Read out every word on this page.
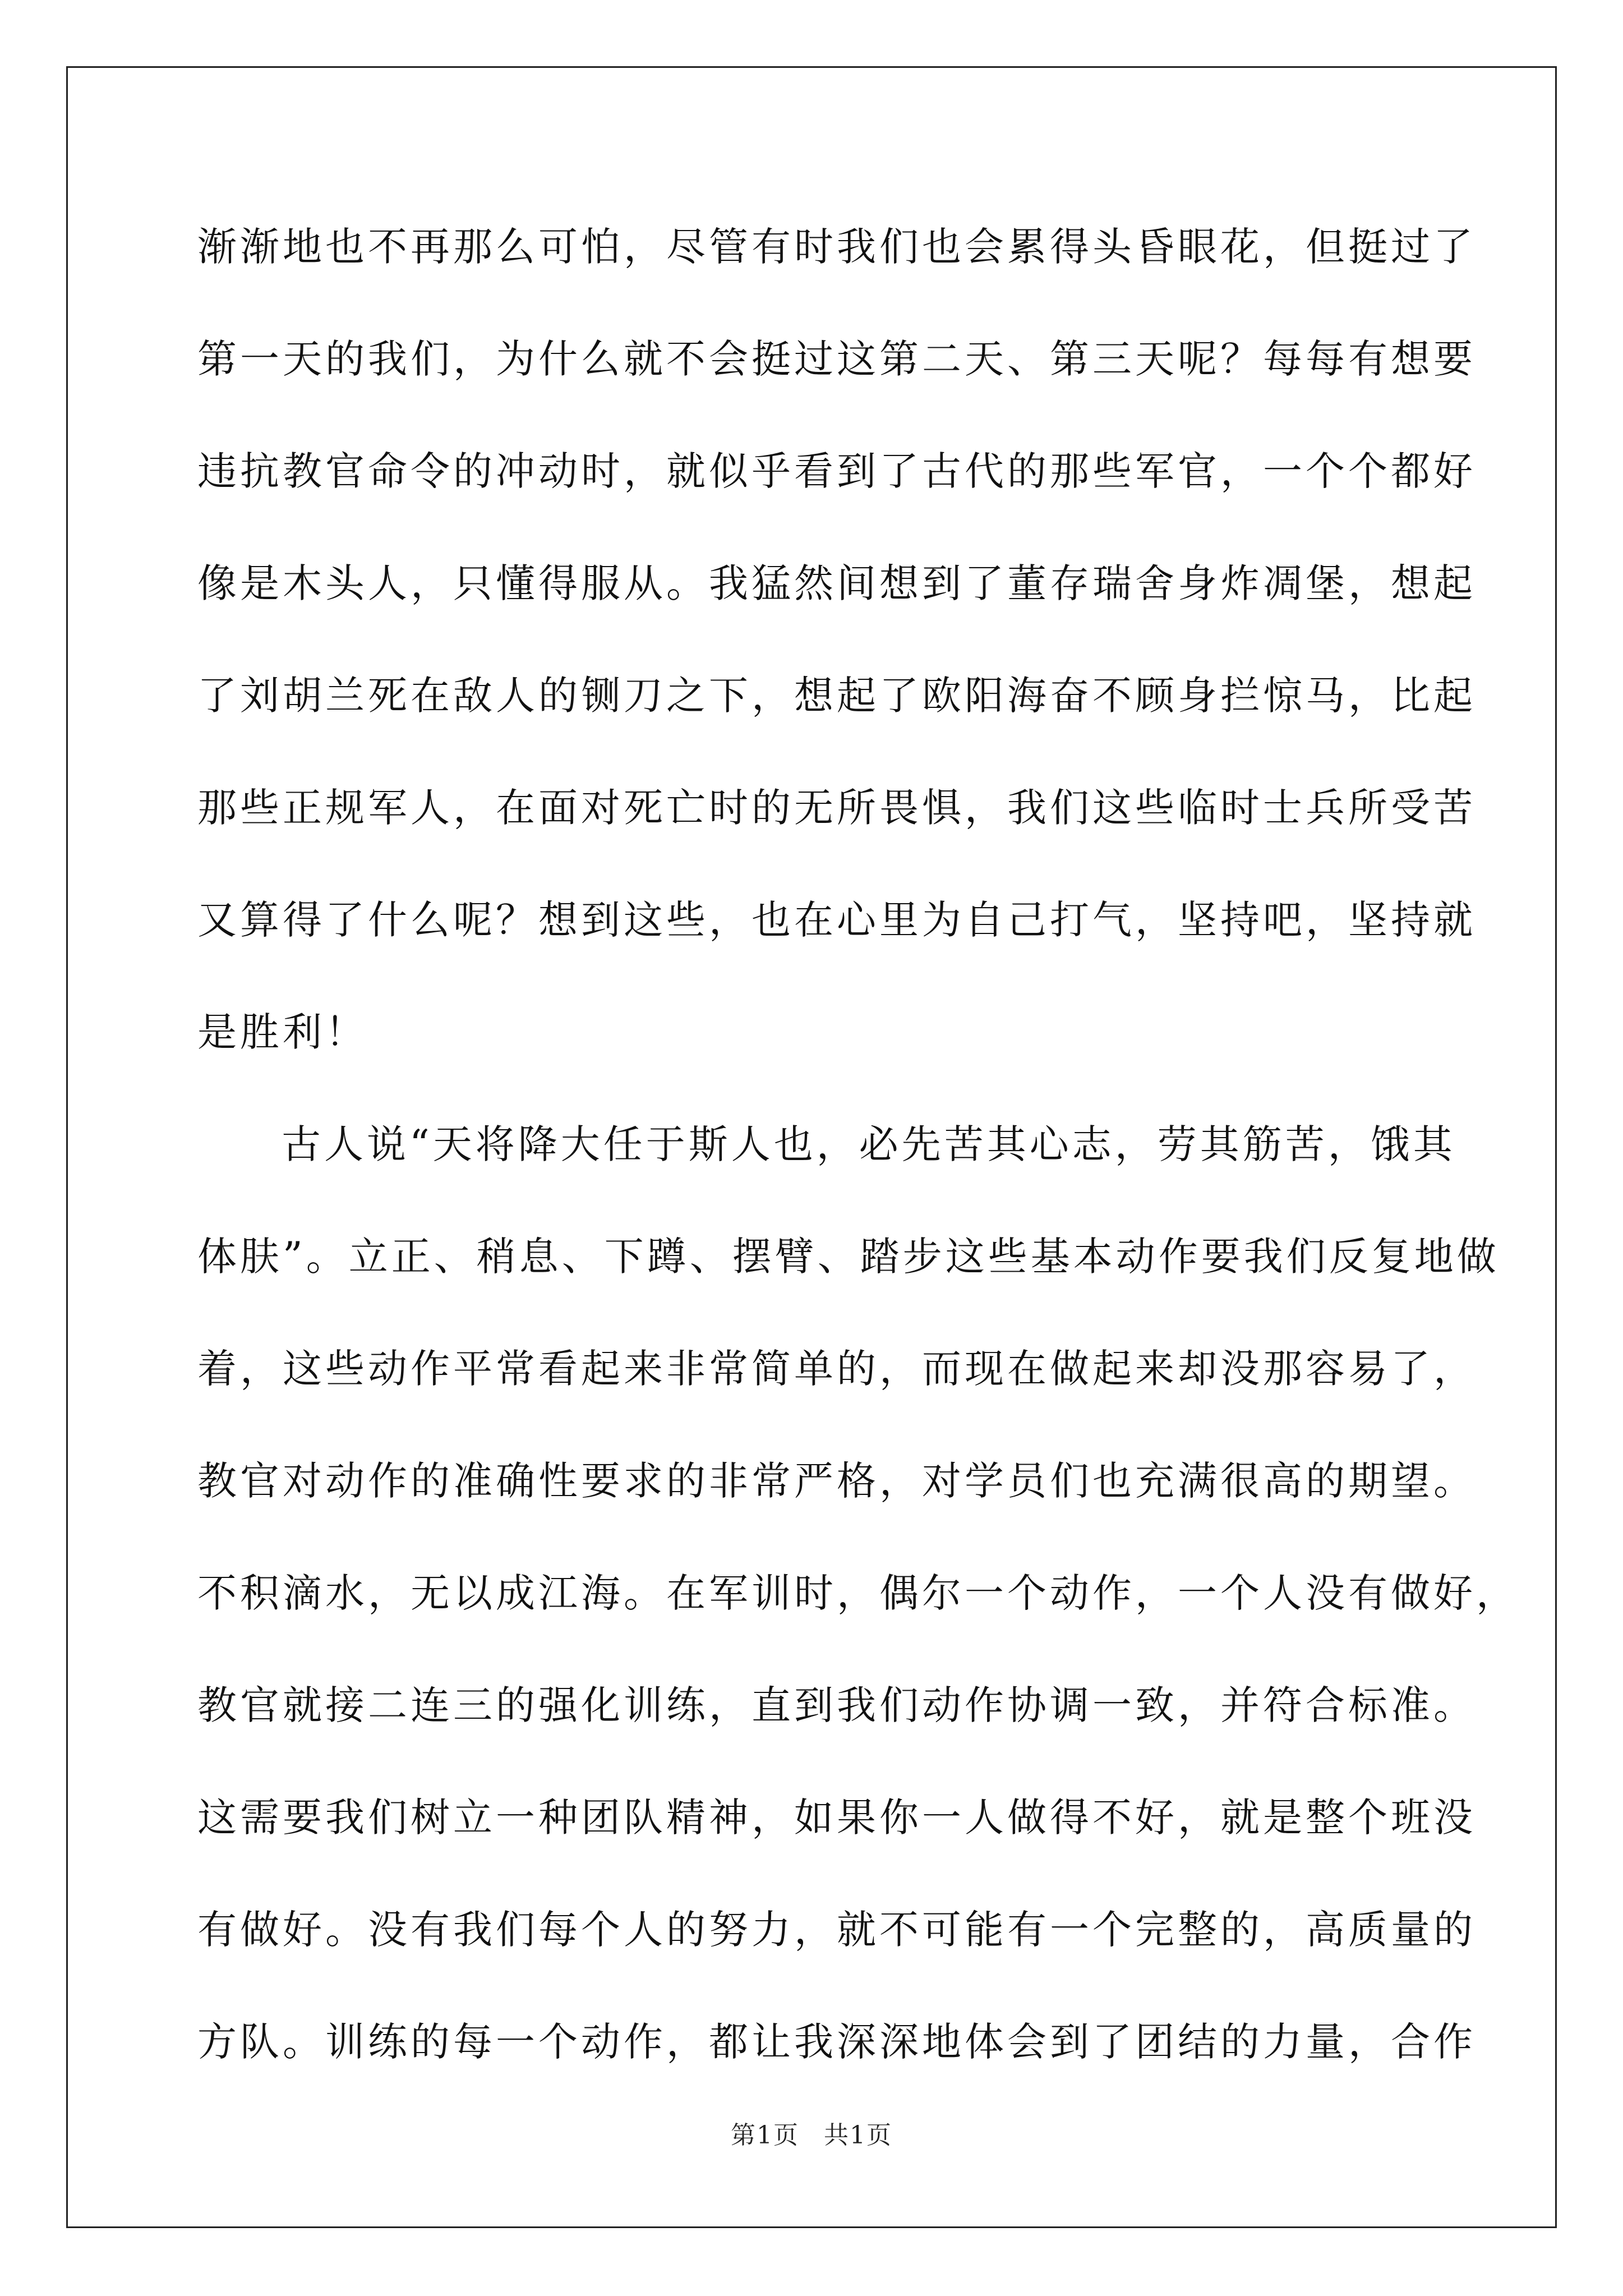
渐渐地也不再那么可怕，尽管有时我们也会累得头昏眼花，但挺过了
第一天的我们，为什么就不会挺过这第二天、第三天呢？每每有想要
违抗教官命令的冲动时，就似乎看到了古代的那些军官，一个个都好
像是木头人，只懂得服从。我猛然间想到了董存瑞舍身炸凋堡，想起
了刘胡兰死在敌人的铡刀之下，想起了欧阳海奋不顾身拦惊马，比起
那些正规军人，在面对死亡时的无所畏惧，我们这些临时士兵所受苦
又算得了什么呢？想到这些，也在心里为自己打气，坚持吧，坚持就
是胜利！
古人说“天将降大任于斯人也，必先苦其心志，劳其筋苦，饿其
体肤”。立正、稍息、下蹲、摆臂、踏步这些基本动作要我们反复地做
着，这些动作平常看起来非常简单的，而现在做起来却没那容易了，
教官对动作的准确性要求的非常严格，对学员们也充满很高的期望。
不积滴水，无以成江海。在军训时，偶尔一个动作，一个人没有做好，
教官就接二连三的强化训练，直到我们动作协调一致，并符合标准。
这需要我们树立一种团队精神，如果你一人做得不好，就是整个班没
有做好。没有我们每个人的努力，就不可能有一个完整的，高质量的
方队。训练的每一个动作，都让我深深地体会到了团结的力量，合作
第1页 共1页
